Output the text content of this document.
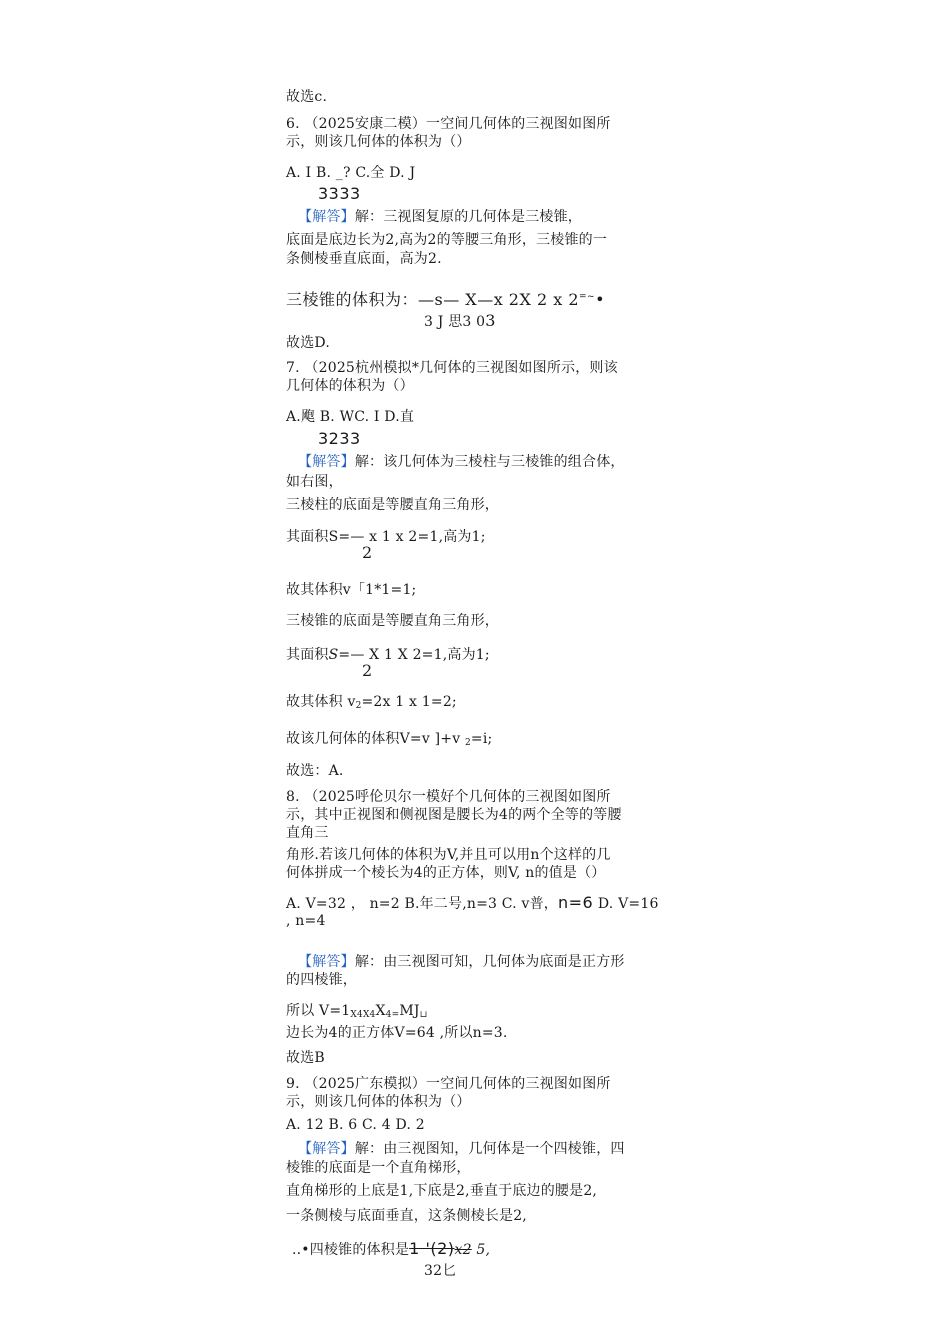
故选c.
6. （2025安康二模）一空间几何体的三视图如图所
示，则该几何体的体积为（）
A. I B. _? C.全 D. J
3333
【解答】解：三视图复原的几何体是三棱锥，
底面是底边长为2,高为2的等腰三角形，三棱锥的一
条侧棱垂直底面，高为2.
三棱锥的体积为：—s— X—x 2X 2 x 2=~•
3 J 思3 03
故选D.
7. （2025杭州模拟*几何体的三视图如图所示，则该
几何体的体积为（）
A.飑 B. WC. I D.直
3233
【解答】解：该几何体为三棱柱与三棱锥的组合体，
如右图，
三棱柱的底面是等腰直角三角形，
其面积S=— x 1 x 2=1,高为1;
2
故其体积v「1*1=1;
三棱锥的底面是等腰直角三角形，
其面积S=— X 1 X 2=1,高为1;
2
故其体积 $v_2=2x$ 1 x 1=2;
故该几何体的体积V=v ]+v $_2$=i;
故选：A.
8. （2025呼伦贝尔一模好个几何体的三视图如图所
示，其中正视图和侧视图是腰长为4的两个全等的等腰
直角三
角形.若该几何体的体积为V,并且可以用n个这样的几
何体拼成一个棱长为4的正方体，则V, n的值是（）
A. V=32 ， n=2 B.年二号,n=3 C. v普，n=6 D. V=16
, n=4
【解答】解：由三视图可知，几何体为底面是正方形
的四棱锥，
所以 $V=1_{X4X4}X_{4=}MJ_⊔$
边长为4的正方体V=64 ,所以n=3.
故选B
9. （2025广东模拟）一空间几何体的三视图如图所
示，则该几何体的体积为（）
A. 12 B. 6 C. 4 D. 2
【解答】解：由三视图知，几何体是一个四棱锥，四
棱锥的底面是一个直角梯形，
直角梯形的上底是1,下底是2,垂直于底边的腰是2,
一条侧棱与底面垂直，这条侧棱长是2,
..•四棱锥的体积是1 '(2)x2 5,
32匕
